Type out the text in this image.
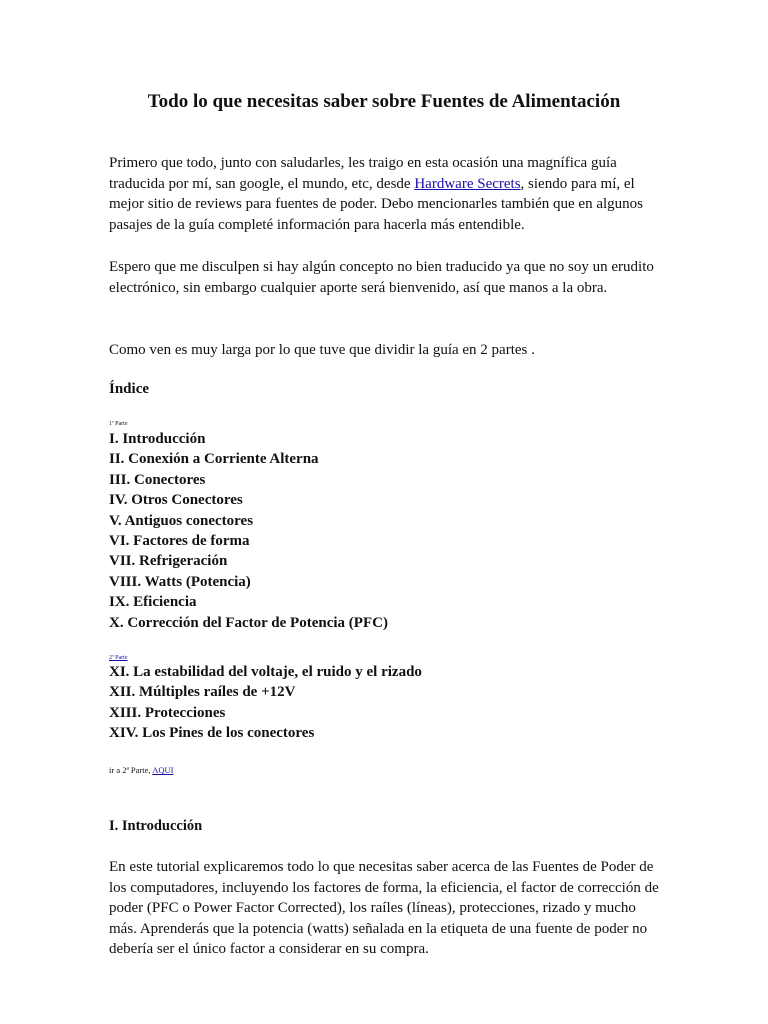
Todo lo que necesitas saber sobre Fuentes de Alimentación

Primero que todo, junto con saludarles, les traigo en esta ocasión una magnífica guía traducida por mí, san google, el mundo, etc, desde Hardware Secrets, siendo para mí, el mejor sitio de reviews para fuentes de poder. Debo mencionarles también que en algunos pasajes de la guía completé información para hacerla más entendible.

Espero que me disculpen si hay algún concepto no bien traducido ya que no soy un erudito electrónico, sin embargo cualquier aporte será bienvenido, así que manos a la obra.

Como ven es muy larga por lo que tuve que dividir la guía en 2 partes .

Índice

1ª Parte

I. Introducción
II. Conexión a Corriente Alterna
III. Conectores
IV. Otros Conectores
V. Antiguos conectores
VI. Factores de forma
VII. Refrigeración
VIII. Watts (Potencia)
IX. Eficiencia
X. Corrección del Factor de Potencia (PFC)

2ª Parte

XI. La estabilidad del voltaje, el ruido y el rizado
XII. Múltiples raíles de +12V
XIII. Protecciones
XIV. Los Pines de los conectores

ir a 2ª Parte, AQUI

I. Introducción

En este tutorial explicaremos todo lo que necesitas saber acerca de las Fuentes de Poder de los computadores, incluyendo los factores de forma, la eficiencia, el factor de corrección de poder (PFC o Power Factor Corrected), los raíles (líneas), protecciones, rizado y mucho más. Aprenderás que la potencia (watts) señalada en la etiqueta de una fuente de poder no debería ser el único factor a considerar en su compra.
